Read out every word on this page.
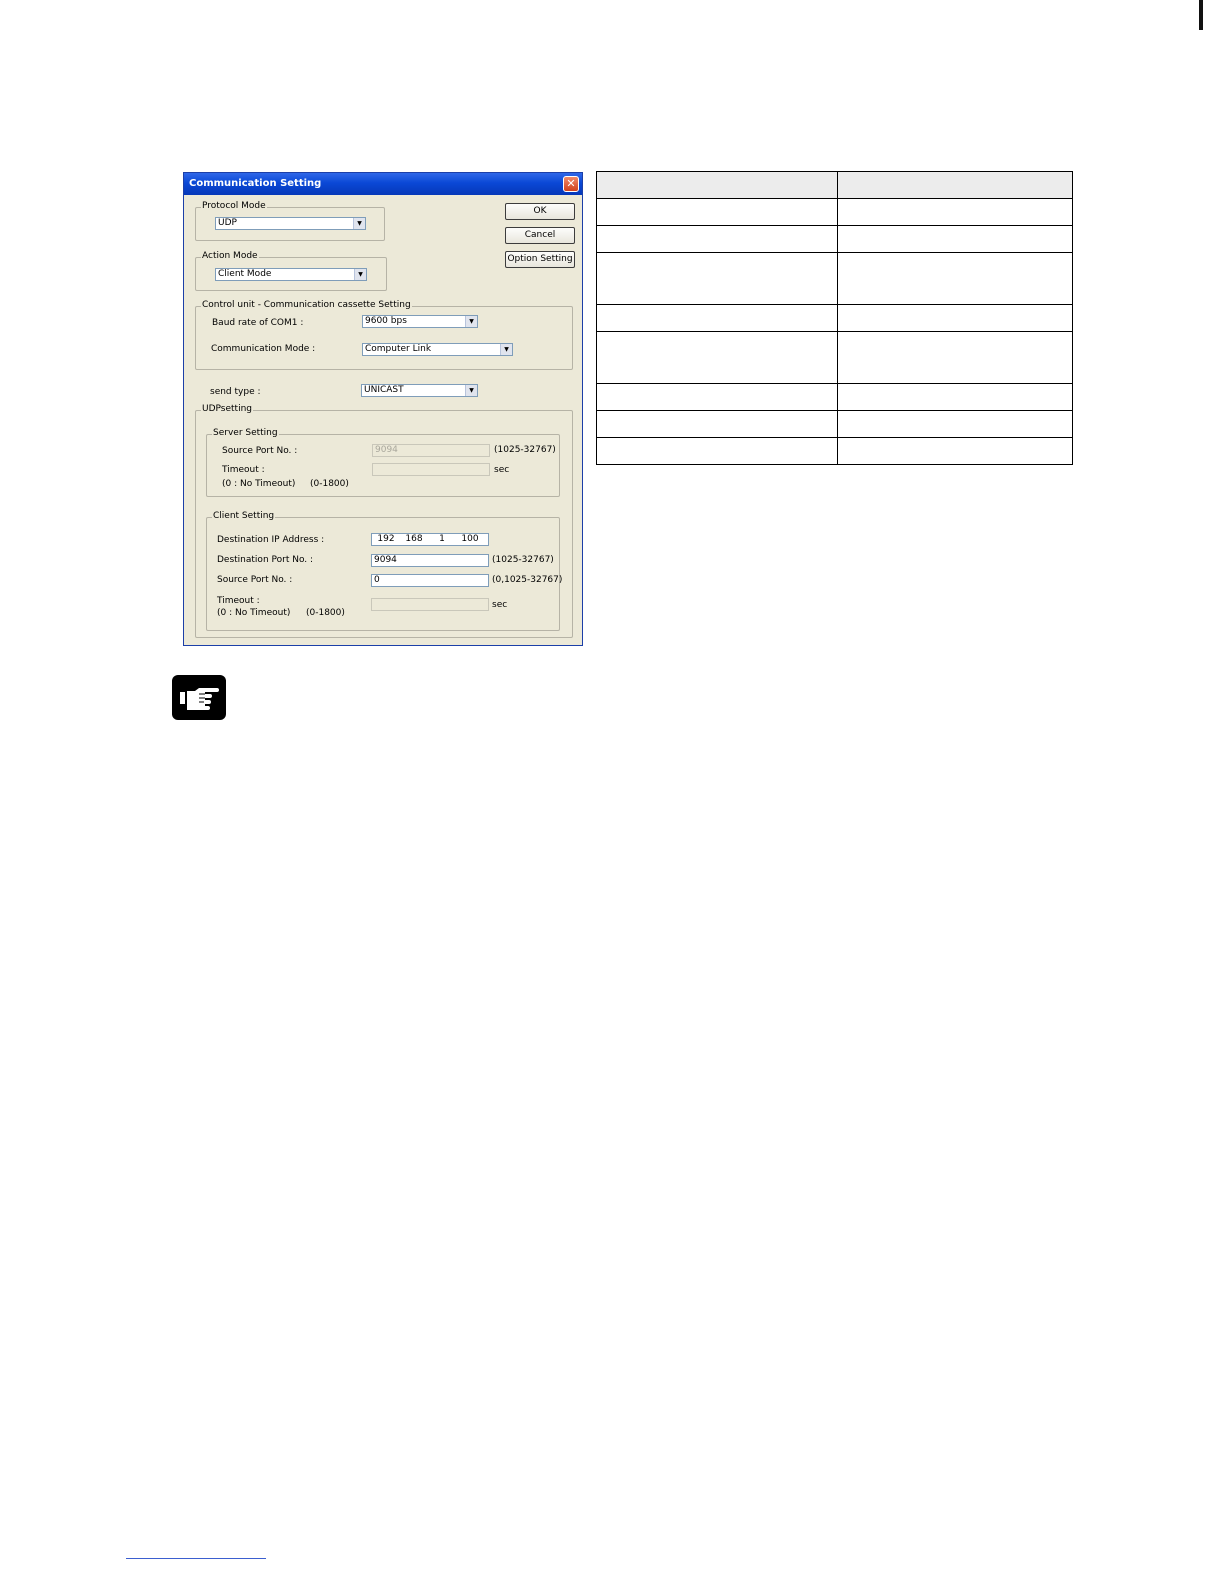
Communication Setting	✕
Protocol Mode
UDP	▼
Action Mode
Client Mode	▼
OK
Cancel
Option Setting
Control unit - Communication cassette Setting
Baud rate of COM1 :	9600 bps	▼
Communication Mode :	Computer Link	▼
send type :	UNICAST	▼
UDPsetting
Server Setting
Source Port No. :	9094	(1025-32767)
Timeout :	sec
(0 : No Timeout) (0-1800)
Client Setting
Destination IP Address :	192 168 1 100
Destination Port No. :	9094	(1025-32767)
Source Port No. :	0	(0,1025-32767)
Timeout :	sec
(0 : No Timeout) (0-1800)
